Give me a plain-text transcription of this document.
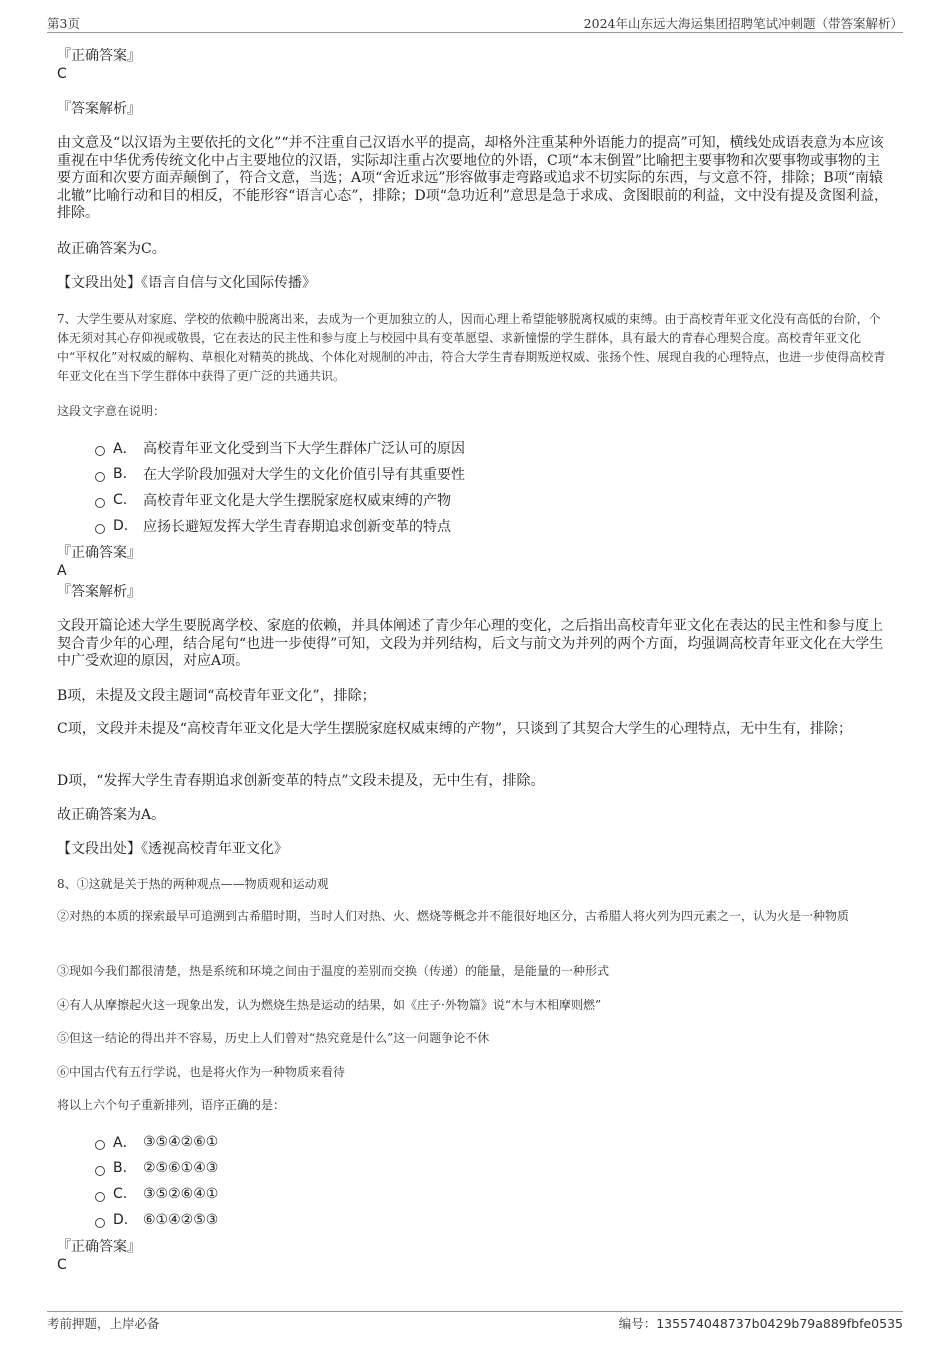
第3页	2024年山东远大海运集团招聘笔试冲刺题（带答案解析）
『正确答案』
C
『答案解析』
由文意及“以汉语为主要依托的文化”“并不注重自己汉语水平的提高，却格外注重某种外语能力的提高”可知，横线处成语表意为本应该重视在中华优秀传统文化中占主要地位的汉语，实际却注重占次要地位的外语，C项“本末倒置”比喻把主要事物和次要事物或事物的主要方面和次要方面弄颠倒了，符合文意，当选；A项“舍近求远”形容做事走弯路或追求不切实际的东西，与文意不符，排除；B项“南辕北辙”比喻行动和目的相反，不能形容“语言心态”，排除；D项“急功近利”意思是急于求成、贪图眼前的利益，文中没有提及贪图利益，排除。
故正确答案为C。
【文段出处】《语言自信与文化国际传播》
7、大学生要从对家庭、学校的依赖中脱离出来，去成为一个更加独立的人，因而心理上希望能够脱离权威的束缚。由于高校青年亚文化没有高低的台阶，个体无须对其心存仰视或敬畏，它在表达的民主性和参与度上与校园中具有变革愿望、求新憧憬的学生群体，具有最大的青春心理契合度。高校青年亚文化中“平权化”对权威的解构、草根化对精英的挑战、个体化对规制的冲击，符合大学生青春期叛逆权威、张扬个性、展现自我的心理特点，也进一步使得高校青年亚文化在当下学生群体中获得了更广泛的共通共识。
这段文字意在说明：
A． 高校青年亚文化受到当下大学生群体广泛认可的原因
B.	在大学阶段加强对大学生的文化价值引导有其重要性
C.	高校青年亚文化是大学生摆脱家庭权威束缚的产物
D.	应扬长避短发挥大学生青春期追求创新变革的特点
『正确答案』
A
『答案解析』
文段开篇论述大学生要脱离学校、家庭的依赖，并具体阐述了青少年心理的变化，之后指出高校青年亚文化在表达的民主性和参与度上契合青少年的心理，结合尾句“也进一步使得”可知，文段为并列结构，后文与前文为并列的两个方面，均强调高校青年亚文化在大学生中广受欢迎的原因，对应A项。
B项，未提及文段主题词“高校青年亚文化”，排除；
C项，文段并未提及“高校青年亚文化是大学生摆脱家庭权威束缚的产物”，只谈到了其契合大学生的心理特点，无中生有，排除；
D项，“发挥大学生青春期追求创新变革的特点”文段未提及，无中生有，排除。
故正确答案为A。
【文段出处】《透视高校青年亚文化》
8、①这就是关于热的两种观点——物质观和运动观
②对热的本质的探索最早可追溯到古希腊时期，当时人们对热、火、燃烧等概念并不能很好地区分，古希腊人将火列为四元素之一，认为火是一种物质
③现如今我们都很清楚，热是系统和环境之间由于温度的差别而交换（传递）的能量，是能量的一种形式
④有人从摩擦起火这一现象出发，认为燃烧生热是运动的结果，如《庄子·外物篇》说“木与木相摩则燃”
⑤但这一结论的得出并不容易，历史上人们曾对“热究竟是什么”这一问题争论不休
⑥中国古代有五行学说，也是将火作为一种物质来看待
将以上六个句子重新排列，语序正确的是：
A． ③⑤④②⑥①
B.	②⑤⑥①④③
C.	③⑤②⑥④①
D.	⑥①④②⑤③
『正确答案』
C
考前押题，上岸必备	编号：135574048737b0429b79a889fbfe0535
